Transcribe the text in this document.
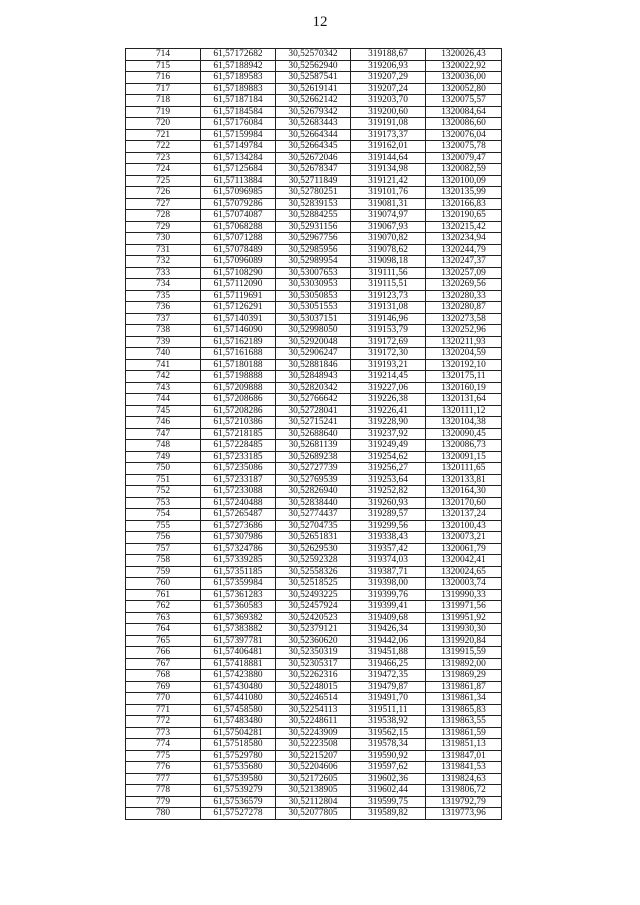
12
714	61,57172682	30,52570342	319188,67	1320026,43
715	61,57188942	30,52562940	319206,93	1320022,92
716	61,57189583	30,52587541	319207,29	1320036,00
717	61,57189883	30,52619141	319207,24	1320052,80
718	61,57187184	30,52662142	319203,70	1320075,57
719	61,57184584	30,52679342	319200,60	1320084,64
720	61,57176084	30,52683443	319191,08	1320086,60
721	61,57159984	30,52664344	319173,37	1320076,04
722	61,57149784	30,52664345	319162,01	1320075,78
723	61,57134284	30,52672046	319144,64	1320079,47
724	61,57125684	30,52678347	319134,98	1320082,59
725	61,57113884	30,52711849	319121,42	1320100,09
726	61,57096985	30,52780251	319101,76	1320135,99
727	61,57079286	30,52839153	319081,31	1320166,83
728	61,57074087	30,52884255	319074,97	1320190,65
729	61,57068288	30,52931156	319067,93	1320215,42
730	61,57071288	30,52967756	319070,82	1320234,94
731	61,57078489	30,52985956	319078,62	1320244,79
732	61,57096089	30,52989954	319098,18	1320247,37
733	61,57108290	30,53007653	319111,56	1320257,09
734	61,57112090	30,53030953	319115,51	1320269,56
735	61,57119691	30,53050853	319123,73	1320280,33
736	61,57126291	30,53051553	319131,08	1320280,87
737	61,57140391	30,53037151	319146,96	1320273,58
738	61,57146090	30,52998050	319153,79	1320252,96
739	61,57162189	30,52920048	319172,69	1320211,93
740	61,57161688	30,52906247	319172,30	1320204,59
741	61,57180188	30,52881846	319193,21	1320192,10
742	61,57198888	30,52848943	319214,45	1320175,11
743	61,57209888	30,52820342	319227,06	1320160,19
744	61,57208686	30,52766642	319226,38	1320131,64
745	61,57208286	30,52728041	319226,41	1320111,12
746	61,57210386	30,52715241	319228,90	1320104,38
747	61,57218185	30,52688640	319237,92	1320090,45
748	61,57228485	30,52681139	319249,49	1320086,73
749	61,57233185	30,52689238	319254,62	1320091,15
750	61,57235086	30,52727739	319256,27	1320111,65
751	61,57233187	30,52769539	319253,64	1320133,81
752	61,57233088	30,52826940	319252,82	1320164,30
753	61,57240488	30,52838440	319260,93	1320170,60
754	61,57265487	30,52774437	319289,57	1320137,24
755	61,57273686	30,52704735	319299,56	1320100,43
756	61,57307986	30,52651831	319338,43	1320073,21
757	61,57324786	30,52629530	319357,42	1320061,79
758	61,57339285	30,52592328	319374,03	1320042,41
759	61,57351185	30,52558326	319387,71	1320024,65
760	61,57359984	30,52518525	319398,00	1320003,74
761	61,57361283	30,52493225	319399,76	1319990,33
762	61,57360583	30,52457924	319399,41	1319971,56
763	61,57369382	30,52420523	319409,68	1319951,92
764	61,57383882	30,52379121	319426,34	1319930,30
765	61,57397781	30,52360620	319442,06	1319920,84
766	61,57406481	30,52350319	319451,88	1319915,59
767	61,57418881	30,52305317	319466,25	1319892,00
768	61,57423880	30,52262316	319472,35	1319869,29
769	61,57430480	30,52248015	319479,87	1319861,87
770	61,57441080	30,52246514	319491,70	1319861,34
771	61,57458580	30,52254113	319511,11	1319865,83
772	61,57483480	30,52248611	319538,92	1319863,55
773	61,57504281	30,52243909	319562,15	1319861,59
774	61,57518580	30,52223508	319578,34	1319851,13
775	61,57529780	30,52215207	319590,92	1319847,01
776	61,57535680	30,52204606	319597,62	1319841,53
777	61,57539580	30,52172605	319602,36	1319824,63
778	61,57539279	30,52138905	319602,44	1319806,72
779	61,57536579	30,52112804	319599,75	1319792,79
780	61,57527278	30,52077805	319589,82	1319773,96
